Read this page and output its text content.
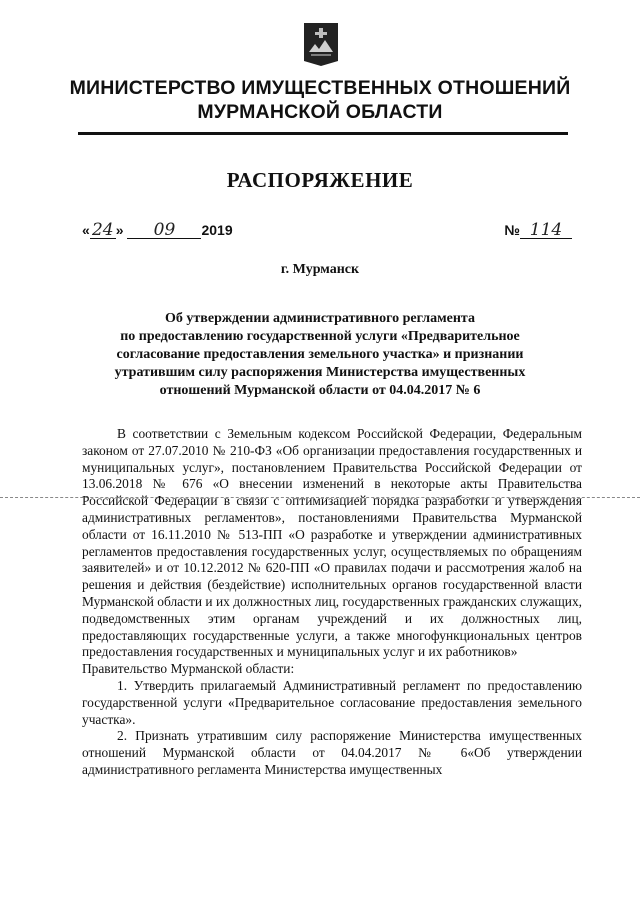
МИНИСТЕРСТВО ИМУЩЕСТВЕННЫХ ОТНОШЕНИЙ
МУРМАНСКОЙ ОБЛАСТИ
РАСПОРЯЖЕНИЕ
« 24 » 09 2019	№ 114
г. Мурманск
Об утверждении административного регламента
по предоставлению государственной услуги «Предварительное
согласование предоставления земельного участка» и признании
утратившим силу распоряжения Министерства имущественных
отношений Мурманской области от 04.04.2017 № 6

В соответствии с Земельным кодексом Российской Федерации, Федеральным законом от 27.07.2010 № 210-ФЗ «Об организации предоставления государственных и муниципальных услуг», постановлением Правительства Российской Федерации от 13.06.2018 № 676 «О внесении изменений в некоторые акты Правительства Российской Федерации в связи с оптимизацией порядка разработки и утверждения административных регламентов», постановлениями Правительства Мурманской области от 16.11.2010 № 513-ПП «О разработке и утверждении административных регламентов предоставления государственных услуг, осуществляемых по обращениям заявителей» и от 10.12.2012 № 620-ПП «О правилах подачи и рассмотрения жалоб на решения и действия (бездействие) исполнительных органов государственной власти Мурманской области и их должностных лиц, государственных гражданских служащих, подведомственных этим органам учреждений и их должностных лиц, предоставляющих государственные услуги, а также многофункциональных центров предоставления государственных и муниципальных услуг и их работников»

Правительство Мурманской области:

1. Утвердить прилагаемый Административный регламент по предоставлению государственной услуги «Предварительное согласование предоставления земельного участка».

2. Признать утратившим силу распоряжение Министерства имущественных отношений Мурманской области от 04.04.2017 № 6«Об утверждении административного регламента Министерства имущественных
